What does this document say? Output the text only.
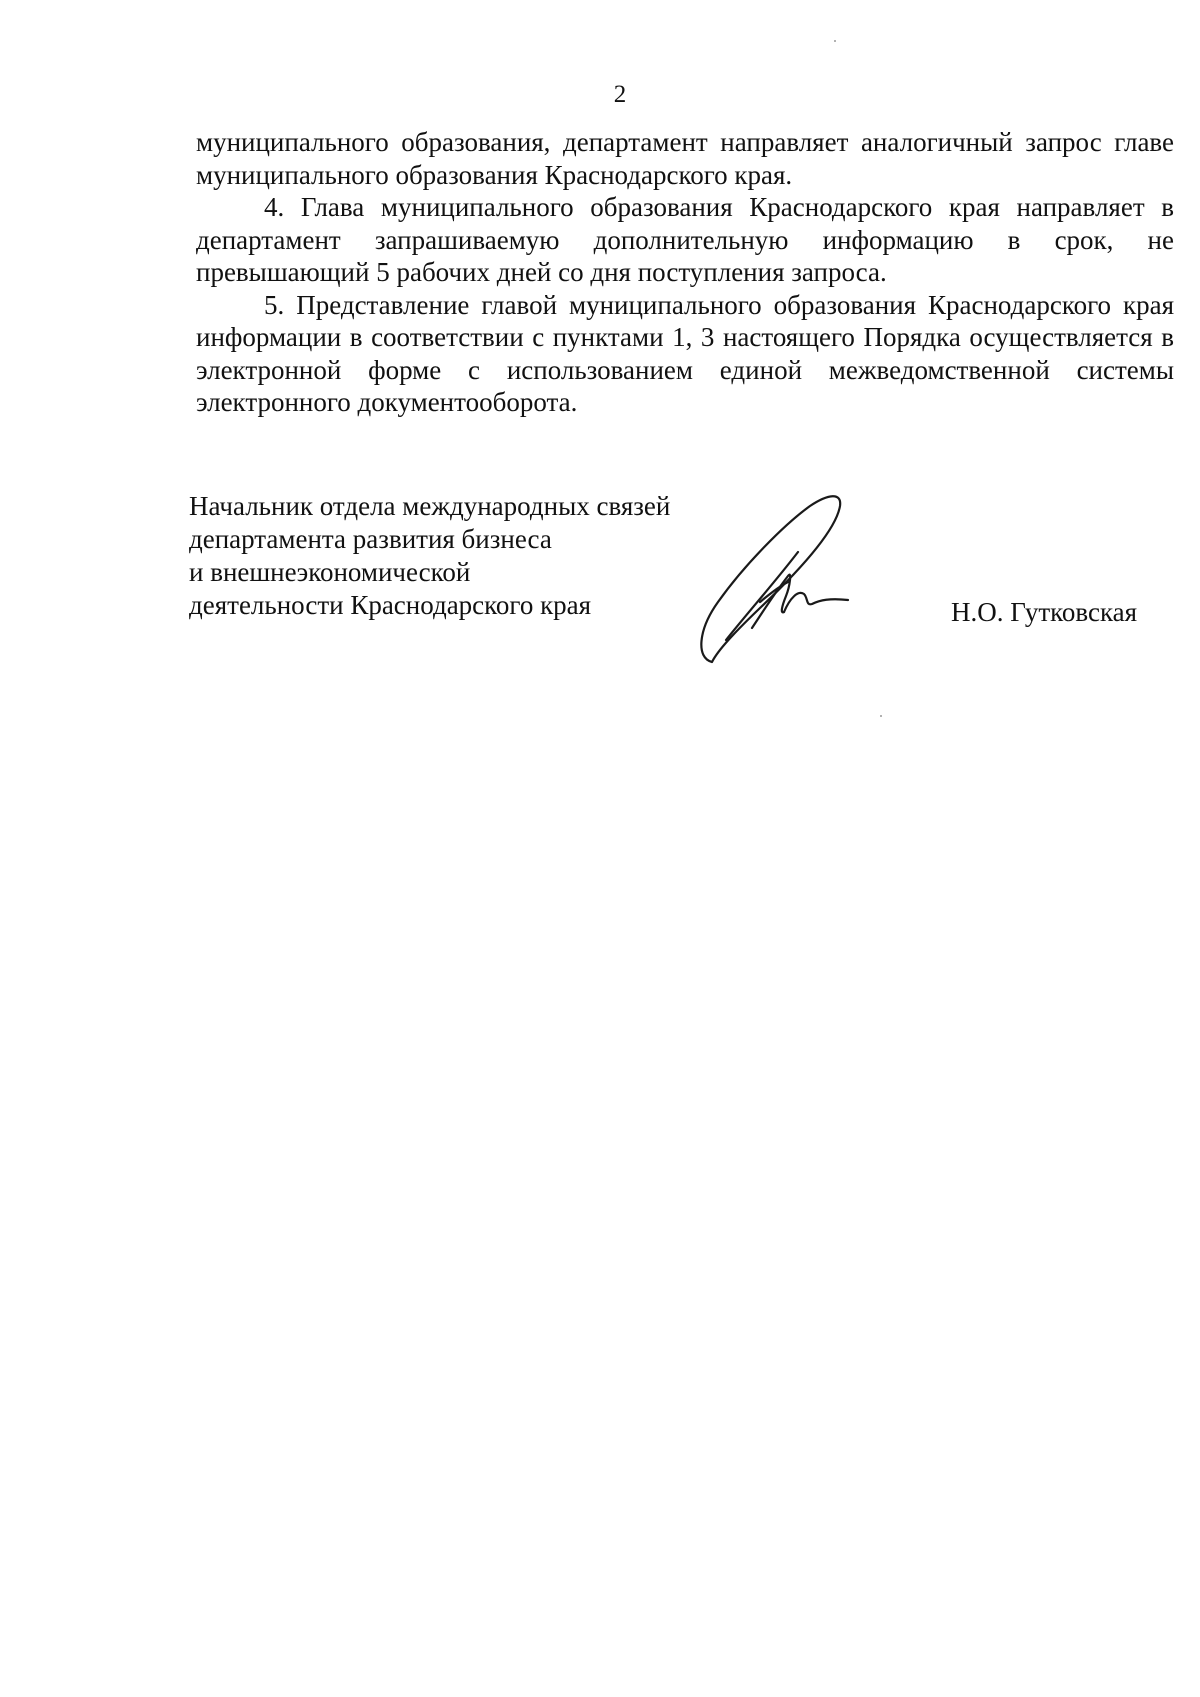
2

муниципального образования, департамент направляет аналогичный запрос главе муниципального образования Краснодарского края.

4. Глава муниципального образования Краснодарского края направляет в департамент запрашиваемую дополнительную информацию в срок, не превышающий 5 рабочих дней со дня поступления запроса.

5. Представление главой муниципального образования Краснодарского края информации в соответствии с пунктами 1, 3 настоящего Порядка осуществляется в электронной форме с использованием единой межведомственной системы электронного документооборота.

Начальник отдела международных связей
департамента развития бизнеса
и внешнеэкономической
деятельности Краснодарского края	Н.О. Гутковская
